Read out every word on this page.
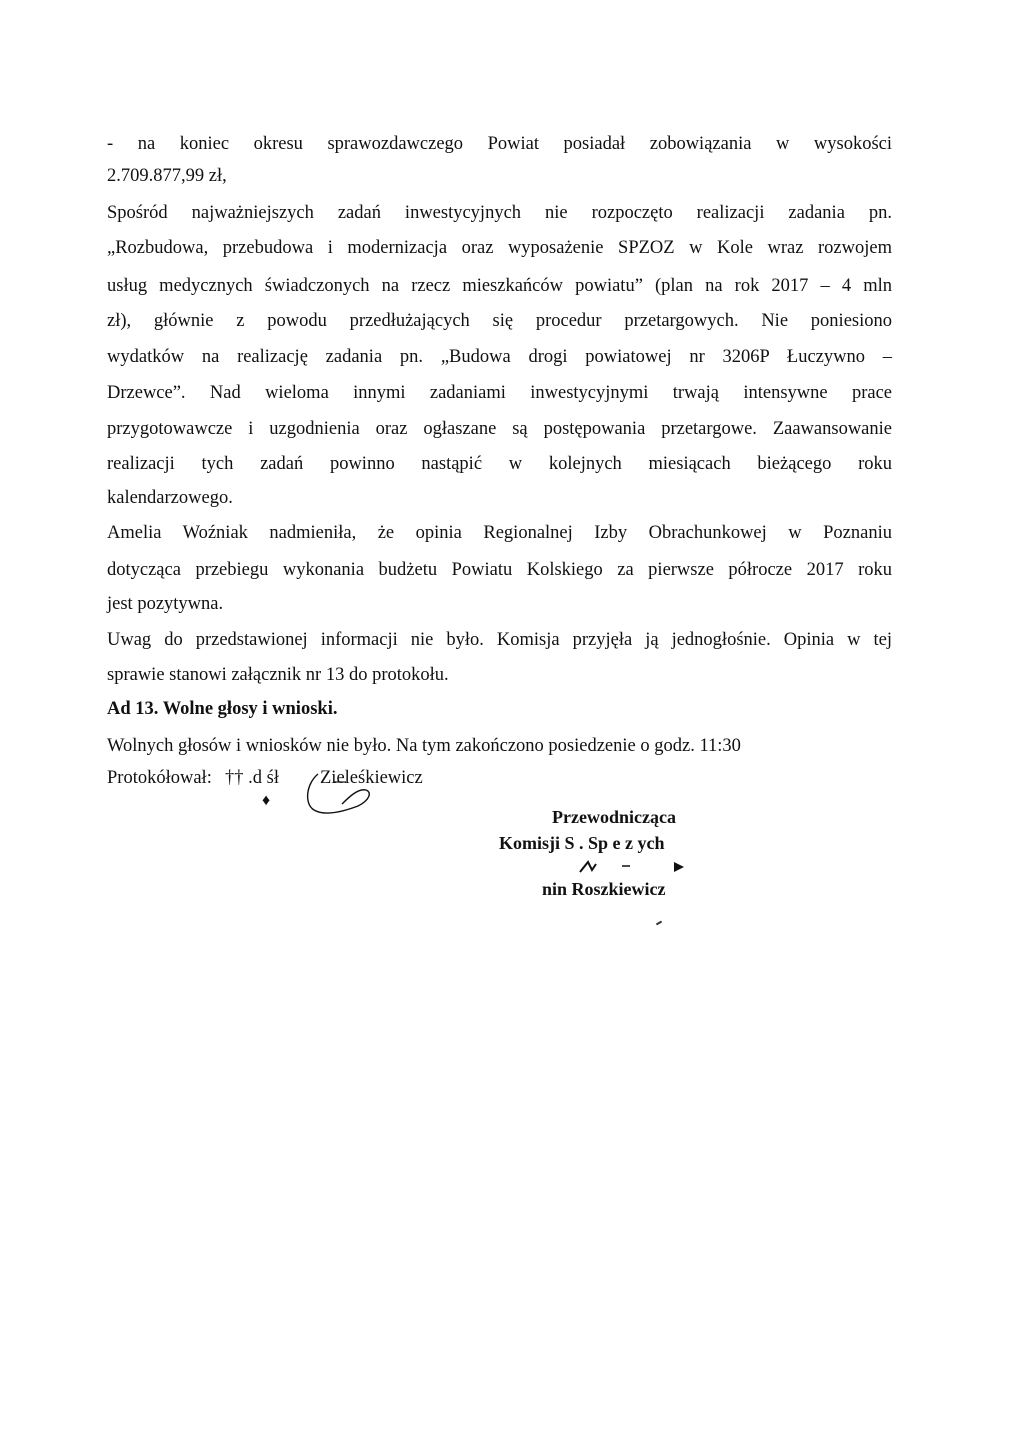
- na koniec okresu sprawozdawczego Powiat posiadał zobowiązania w wysokości
2.709.877,99 zł,
Spośród najważniejszych zadań inwestycyjnych nie rozpoczęto realizacji zadania pn.
„Rozbudowa, przebudowa i modernizacja oraz wyposażenie SPZOZ w Kole wraz rozwojem
usług medycznych świadczonych na rzecz mieszkańców powiatu” (plan na rok 2017 – 4 mln
zł), głównie z powodu przedłużających się procedur przetargowych. Nie poniesiono
wydatków na realizację zadania pn. „Budowa drogi powiatowej nr 3206P Łuczywno –
Drzewce”. Nad wieloma innymi zadaniami inwestycyjnymi trwają intensywne prace
przygotowawcze i uzgodnienia oraz ogłaszane są postępowania przetargowe. Zaawansowanie
realizacji tych zadań powinno nastąpić w kolejnych miesiącach bieżącego roku
kalendarzowego.
Amelia Woźniak nadmieniła, że opinia Regionalnej Izby Obrachunkowej w Poznaniu
dotycząca przebiegu wykonania budżetu Powiatu Kolskiego za pierwsze półrocze 2017 roku
jest pozytywna.
Uwag do przedstawionej informacji nie było. Komisja przyjęła ją jednogłośnie. Opinia w tej
sprawie stanowi załącznik nr 13 do protokołu.
Ad 13. Wolne głosy i wnioski.
Wolnych głosów i wniosków nie było. Na tym zakończono posiedzenie o godz. 11:30
Protokółował: †† .d śł	Zieleśkiewicz
♦
Przewodnicząca
Komisji S . Sp e z ych
nin Roszkiewicz
